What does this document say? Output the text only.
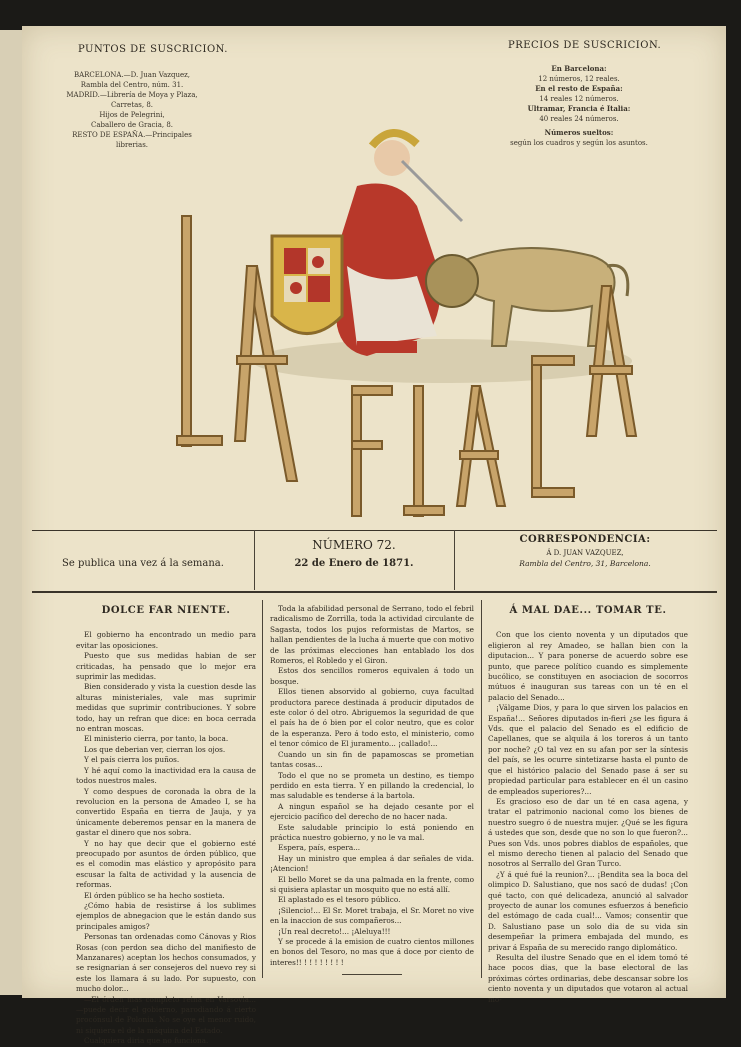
PUNTOS DE SUSCRICION.
BARCELONA.—D. Juan Vazquez,
Rambla del Centro, núm. 31.
MADRID.—Librería de Moya y Plaza,
Carretas, 8.
Hijos de Pelegrini,
Caballero de Gracia, 8.
RESTO DE ESPAÑA.—Principales
librerias.
PRECIOS DE SUSCRICION.
En Barcelona:
12 números, 12 reales.
En el resto de España:
14 reales 12 números.
Ultramar, Francia é Italia:
40 reales 24 números.
Números sueltos:
según los cuadros y según los asuntos.
Se publica una vez á la semana.
NÚMERO 72.
22 de Enero de 1871.
CORRESPONDENCIA:
Á D. JUAN VAZQUEZ,
Rambla del Centro, 31, Barcelona.
DOLCE FAR NIENTE.

El gobierno ha encontrado un medio para evitar las oposiciones.

Puesto que sus medidas habian de ser criticadas, ha pensado que lo mejor era suprimir las medidas.

Bien considerado y vista la cuestion desde las alturas ministeriales, vale mas suprimir medidas que suprimir contribuciones. Y sobre todo, hay un refran que dice: en boca cerrada no entran moscas.

El ministerio cierra, por tanto, la boca.

Los que deberian ver, cierran los ojos.

Y el país cierra los puños.

Y hé aquí como la inactividad era la causa de todos nuestros males.

Y como despues de coronada la obra de la revolucion en la persona de Amadeo I, se ha convertido España en tierra de Jauja, y ya únicamente deberemos pensar en la manera de gastar el dinero que nos sobra.

Y no hay que decir que el gobierno esté preocupado por asuntos de órden público, que es el comodin mas elástico y apropósito para escusar la falta de actividad y la ausencia de reformas.

El órden público se ha hecho sostieta.

¿Cómo habia de resistirse á los sublimes ejemplos de abnegacion que le están dando sus principales amigos?

Personas tan ordenadas como Cánovas y Rios Rosas (con perdon sea dicho del manifiesto de Manzanares) aceptan los hechos consumados, y se resignarian á ser consejeros del nuevo rey si este los llamara á su lado. Por supuesto, con mucho dolor...

—El órden mas completo reina en Varsovia... —puede decir el gobierno, parodiando á cierto procónsul de Polonia. No se oye el menor ruido, ni siquiera el de la máquina del Estado.

Cualquiera diria que no funciona.

Toda la afabilidad personal de Serrano, todo el febril radicalismo de Zorrilla, toda la actividad circulante de Sagasta, todos los pujos reformistas de Martos, se hallan pendientes de la lucha á muerte que con motivo de las próximas elecciones han entablado los dos Romeros, el Robledo y el Giron.

Estos dos sencillos romeros equivalen á todo un bosque.

Ellos tienen absorvido al gobierno, cuya facultad productora parece destinada á producir diputados de este color ó del otro. Abriguemos la seguridad de que el país ha de ó bien por el color neutro, que es color de la esperanza. Pero á todo esto, el ministerio, como el tenor cómico de El juramento... ¡callado!...

Cuando un sin fin de papamoscas se prometian tantas cosas...

Todo el que no se prometa un destino, es tiempo perdido en esta tierra. Y en pillando la credencial, lo mas saludable es tenderse á la bartola.

A ningun español se ha dejado cesante por el ejercicio pacífico del derecho de no hacer nada.

Este saludable principio lo está poniendo en práctica nuestro gobierno, y no le va mal.

Espera, país, espera...

Hay un ministro que emplea á dar señales de vida. ¡Atencion!

El bello Moret se da una palmada en la frente, como si quisiera aplastar un mosquito que no está allí.

El aplastado es el tesoro público.

¡Silencio!... El Sr. Moret trabaja, el Sr. Moret no vive en la inaccion de sus compañeros...

¡Un real decreto!... ¡Aleluya!!!

Y se procede á la emision de cuatro cientos millones en bonos del Tesoro, no mas que á doce por ciento de interes!! ! ! ! ! ! ! ! !

Á MAL DAE... TOMAR TE.

Con que los ciento noventa y un diputados que eligieron al rey Amadeo, se hallan bien con la diputacion... Y para ponerse de acuerdo sobre ese punto, que parece político cuando es simplemente bucólico, se constituyen en asociacion de socorros mútuos é inauguran sus tareas con un té en el palacio del Senado...

¡Válgame Dios, y para lo que sirven los palacios en España!... Señores diputados in-fieri ¿se les figura á Vds. que el palacio del Senado es el edificio de Capellanes, que se alquila á los toreros á un tanto por noche? ¿O tal vez en su afan por ser la síntesis del país, se les ocurre sintetizarse hasta el punto de que el histórico palacio del Senado pase á ser su propiedad particular para establecer en él un casino de empleados superiores?...

Es gracioso eso de dar un té en casa agena, y tratar el patrimonio nacional como los bienes de nuestro suegro ó de nuestra mujer. ¿Qué se les figura á ustedes que son, desde que no son lo que fueron?... Pues son Vds. unos pobres diablos de españoles, que el mismo derecho tienen al palacio del Senado que nosotros al Serrallo del Gran Turco.

¿Y á qué fué la reunion?... ¡Bendita sea la boca del olimpico D. Salustiano, que nos sacó de dudas! ¡Con qué tacto, con qué delicadeza, anunció al salvador proyecto de aunar los comunes esfuerzos á beneficio del estómago de cada cual!... Vamos; consentir que D. Salustiano pase un solo dia de su vida sin desempeñar la primera embajada del mundo, es privar á España de su merecido rango diplomático.

Resulta del ilustre Senado que en el idem tomó té hace pocos dias, que la base electoral de las próximas córtes ordinarias, debe descansar sobre los ciento noventa y un diputados que votaron al actual mo-
